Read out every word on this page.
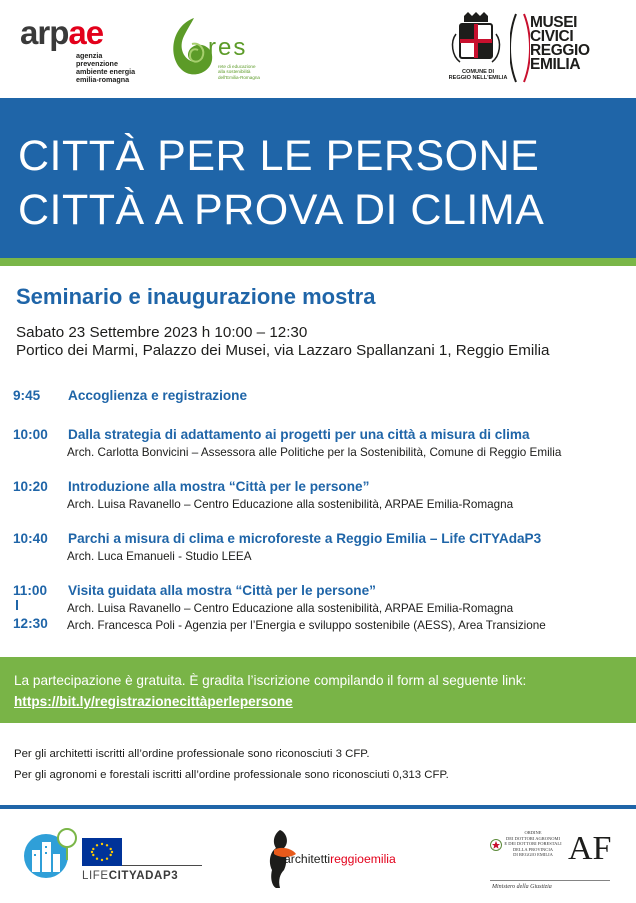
arpae
agenzia
prevenzione
ambiente energia
emilia-romagna
res
rete di educazione
alla sostenibilità
dell'Emilia-Romagna
COMUNE DI
REGGIO NELL'EMILIA
MUSEI
CIVICI
REGGIO
EMILIA
CITTÀ PER LE PERSONE
CITTÀ A PROVA DI CLIMA
Seminario e inaugurazione mostra
Sabato 23 Settembre 2023 h 10:00 – 12:30
Portico dei Marmi, Palazzo dei Musei, via Lazzaro Spallanzani 1, Reggio Emilia
9:45 Accoglienza e registrazione
10:00 Dalla strategia di adattamento ai progetti per una città a misura di clima
Arch. Carlotta Bonvicini – Assessora alle Politiche per la Sostenibilità, Comune di Reggio Emilia
10:20 Introduzione alla mostra “Città per le persone”
Arch. Luisa Ravanello – Centro Educazione alla sostenibilità, ARPAE Emilia-Romagna
10:40 Parchi a misura di clima e microforeste a Reggio Emilia – Life CITYAdaP3
Arch. Luca Emanueli - Studio LEEA
11:00
12:30
Visita guidata alla mostra “Città per le persone”
Arch. Luisa Ravanello – Centro Educazione alla sostenibilità, ARPAE Emilia-Romagna
Arch. Francesca Poli - Agenzia per l’Energia e sviluppo sostenibile (AESS), Area Transizione
La partecipazione è gratuita. È gradita l’iscrizione compilando il form al seguente link: https://bit.ly/registrazionecittàperlepersone
Per gli architetti iscritti all’ordine professionale sono riconosciuti 3 CFP.
Per gli agronomi e forestali iscritti all’ordine professionale sono riconosciuti 0,313 CFP.
LIFECITYADAP3
architettireggioemilia
ORDINE
DEI DOTTORI AGRONOMI
E DEI DOTTORI FORESTALI
DELLA PROVINCIA
DI REGGIO EMILIA AF
Ministero della Giustizia
